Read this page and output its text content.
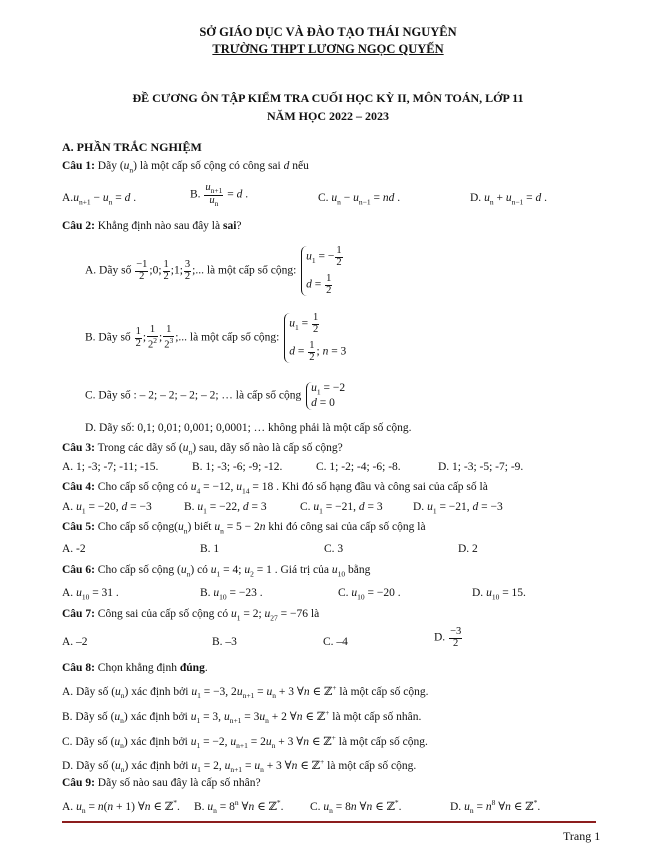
SỞ GIÁO DỤC VÀ ĐÀO TẠO THÁI NGUYÊN
TRƯỜNG THPT LƯƠNG NGỌC QUYẾN
ĐỀ CƯƠNG ÔN TẬP KIỂM TRA CUỐI HỌC KỲ II, MÔN TOÁN, LỚP 11
NĂM HỌC 2022 – 2023
A. PHẦN TRẮC NGHIỆM
Câu 1: Dãy $(u_n)$ là một cấp số cộng có công sai d nếu
$A.u_{n+1} - u_n = d$ .	B. $\frac{u_{n+1}}{u_n} = d$ .	C. $u_n - u_{n-1}$ = nd .	D. $u_n + u_{n-1} = d$ .
Câu 2: Khẳng định nào sau đây là sai?
A. Dãy số $\frac{-1}{2}$ ;0; $\frac{1}{2}$ ;1; $\frac{3}{2}$ ;... là một cấp số cộng:
$u_1$ = − $\frac{1}{2}$
$d = \frac{1}{2}$
B. Dãy số $\frac{1}{2}$ ; $\frac{1}{2^2}$ ; $\frac{1}{2^3}$ ;... là một cấp số cộng:
$u_1 = \frac{1}{2}$
$d = \frac{1}{2}$ ; n = 3
C. Dãy số : – 2; – 2; – 2; – 2; … là cấp số cộng
$u_1 = -2$
d = 0
D. Dãy số: 0,1; 0,01; 0,001; 0,0001; … không phải là một cấp số cộng.
Câu 3: Trong các dãy số $(u_n)$ sau, dãy số nào là cấp số cộng?
A. 1; -3; -7; -11; -15.	B. 1; -3; -6; -9; -12.	C. 1; -2; -4; -6; -8.	D. 1; -3; -5; -7; -9.
Câu 4: Cho cấp số cộng có $u_4 = -12$, $u_{14} = 18$ . Khi đó số hạng đầu và công sai của cấp số là
A. $u_1 = -20$, d = −3	B. $u_1 = -22$, d = 3	C. $u_1 = -21$, d = 3	D. $u_1 = -21$, d = −3
Câu 5: Cho cấp số $cộng(u_n)$ biết $u_n = 5 - 2n$ khi đó công sai của cấp số cộng là
A. -2	B. 1	C. 3	D. 2
Câu 6: Cho cấp số cộng $(u_n)$ có $u_1 = 4$; $u_2 = 1$ . Giá trị của $u_{10}$ bằng
A. $u_{10} = 31$ .	B. $u_{10} = -23$ .	C. $u_{10} = -20$ .	D. $u_{10} = 15$.
Câu 7: Công sai của cấp số cộng có $u_1 = 2$; $u_{27} = -76$ là
A. –2	B. –3	C. –4	D. $\frac{-3}{2}$
Câu 8: Chọn khẳng định đúng.
A. Dãy số $(u_n)$ xác định bởi $u_1 = -3$, $2u_{n+1} = u_n + 3$ ∀n ∈ ℤ+ là một cấp số cộng.
B. Dãy số $(u_n)$ xác định bởi $u_1 = 3$, $u_{n+1} = 3u_n + 2$ ∀n ∈ ℤ+ là một cấp số nhân.
C. Dãy số $(u_n)$ xác định bởi $u_1 = -2$, $u_{n+1} = 2u_n + 3$ ∀n ∈ ℤ+ là một cấp số cộng.
D. Dãy số $(u_n)$ xác định bởi $u_1 = 2$, $u_{n+1} = u_n + 3$ ∀n ∈ ℤ+ là một cấp số cộng.
Câu 9: Dãy số nào sau đây là cấp số nhân?
A. $u_n = n(n + 1)$ ∀n ∈ ℤ*. B. $u_n = 8^n$ ∀n ∈ ℤ*. C. $u_n = 8n$ ∀n ∈ ℤ*.	D. $u_n = n^8$ ∀n ∈ ℤ*.
Trang 1
